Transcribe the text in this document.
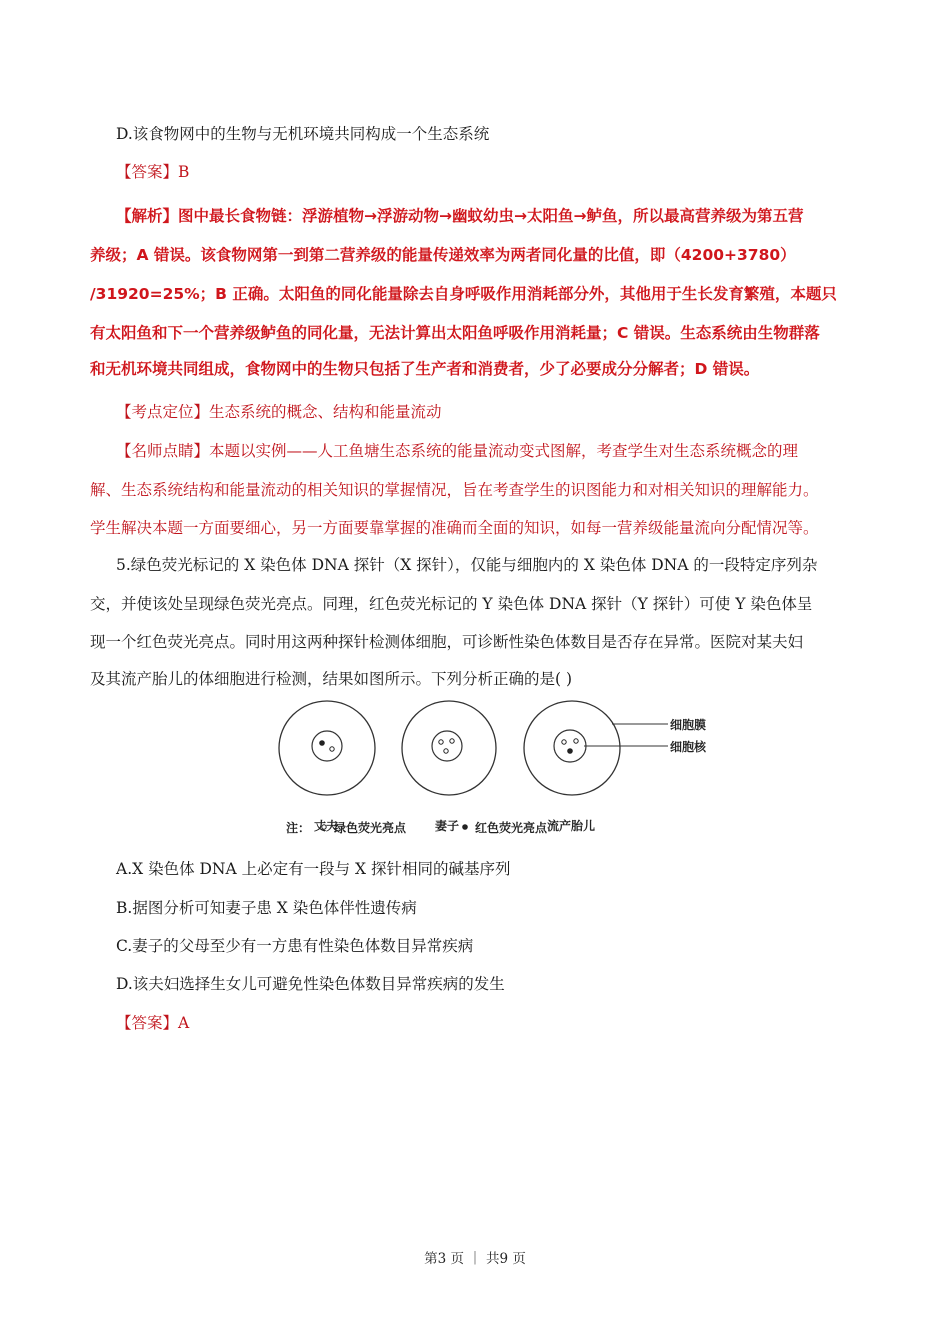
D.该食物网中的生物与无机环境共同构成一个生态系统
【答案】B
【解析】图中最长食物链：浮游植物→浮游动物→幽蚊幼虫→太阳鱼→鲈鱼，所以最高营养级为第五营
养级；A 错误。该食物网第一到第二营养级的能量传递效率为两者同化量的比值，即（4200+3780）
/31920=25%；B 正确。太阳鱼的同化能量除去自身呼吸作用消耗部分外，其他用于生长发育繁殖，本题只
有太阳鱼和下一个营养级鲈鱼的同化量，无法计算出太阳鱼呼吸作用消耗量；C 错误。生态系统由生物群落
和无机环境共同组成，食物网中的生物只包括了生产者和消费者，少了必要成分分解者；D 错误。
【考点定位】生态系统的概念、结构和能量流动
【名师点睛】本题以实例——人工鱼塘生态系统的能量流动变式图解，考查学生对生态系统概念的理
解、生态系统结构和能量流动的相关知识的掌握情况，旨在考查学生的识图能力和对相关知识的理解能力。
学生解决本题一方面要细心，另一方面要靠掌握的准确而全面的知识，如每一营养级能量流向分配情况等。
5.绿色荧光标记的 X 染色体 DNA 探针（X 探针），仅能与细胞内的 X 染色体 DNA 的一段特定序列杂
交，并使该处呈现绿色荧光亮点。同理，红色荧光标记的 Y 染色体 DNA 探针（Y 探针）可使 Y 染色体呈
现一个红色荧光亮点。同时用这两种探针检测体细胞，可诊断性染色体数目是否存在异常。医院对某夫妇
及其流产胎儿的体细胞进行检测，结果如图所示。下列分析正确的是( )
丈夫	妻子	流产胎儿
细胞膜
细胞核
注： 绿色荧光亮点	红色荧光亮点
A.X 染色体 DNA 上必定有一段与 X 探针相同的碱基序列
B.据图分析可知妻子患 X 染色体伴性遗传病
C.妻子的父母至少有一方患有性染色体数目异常疾病
D.该夫妇选择生女儿可避免性染色体数目异常疾病的发生
【答案】A
第3 页 ｜ 共9 页
